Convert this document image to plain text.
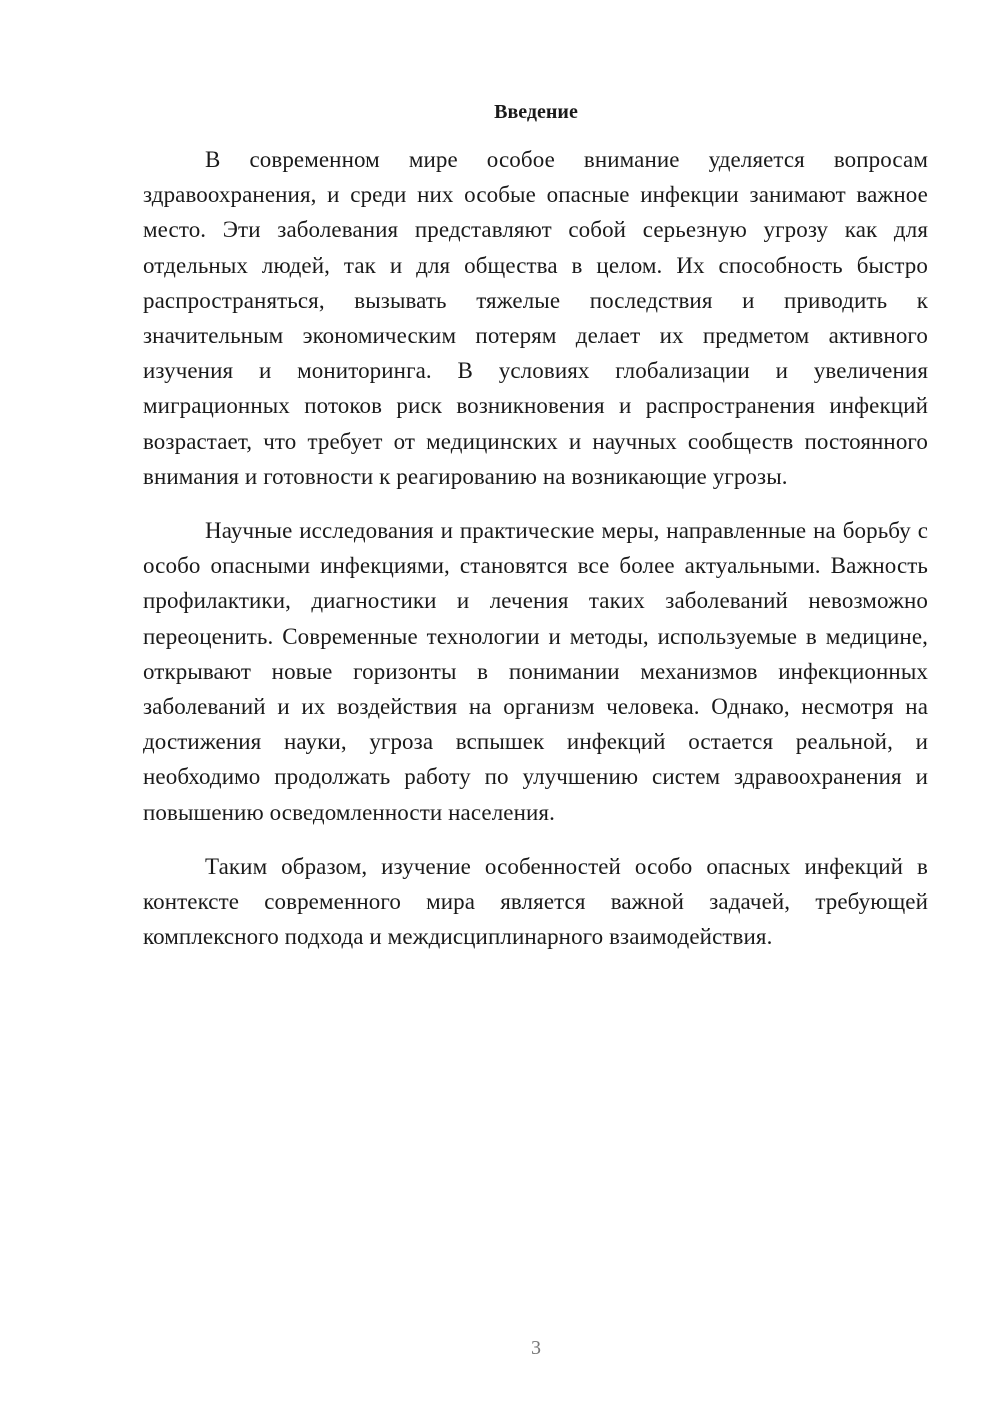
Введение

В современном мире особое внимание уделяется вопросам здравоохранения, и среди них особые опасные инфекции занимают важное место. Эти заболевания представляют собой серьезную угрозу как для отдельных людей, так и для общества в целом. Их способность быстро распространяться, вызывать тяжелые последствия и приводить к значительным экономическим потерям делает их предметом активного изучения и мониторинга. В условиях глобализации и увеличения миграционных потоков риск возникновения и распространения инфекций возрастает, что требует от медицинских и научных сообществ постоянного внимания и готовности к реагированию на возникающие угрозы.

Научные исследования и практические меры, направленные на борьбу с особо опасными инфекциями, становятся все более актуальными. Важность профилактики, диагностики и лечения таких заболеваний невозможно переоценить. Современные технологии и методы, используемые в медицине, открывают новые горизонты в понимании механизмов инфекционных заболеваний и их воздействия на организм человека. Однако, несмотря на достижения науки, угроза вспышек инфекций остается реальной, и необходимо продолжать работу по улучшению систем здравоохранения и повышению осведомленности населения.

Таким образом, изучение особенностей особо опасных инфекций в контексте современного мира является важной задачей, требующей комплексного подхода и междисциплинарного взаимодействия.

3
